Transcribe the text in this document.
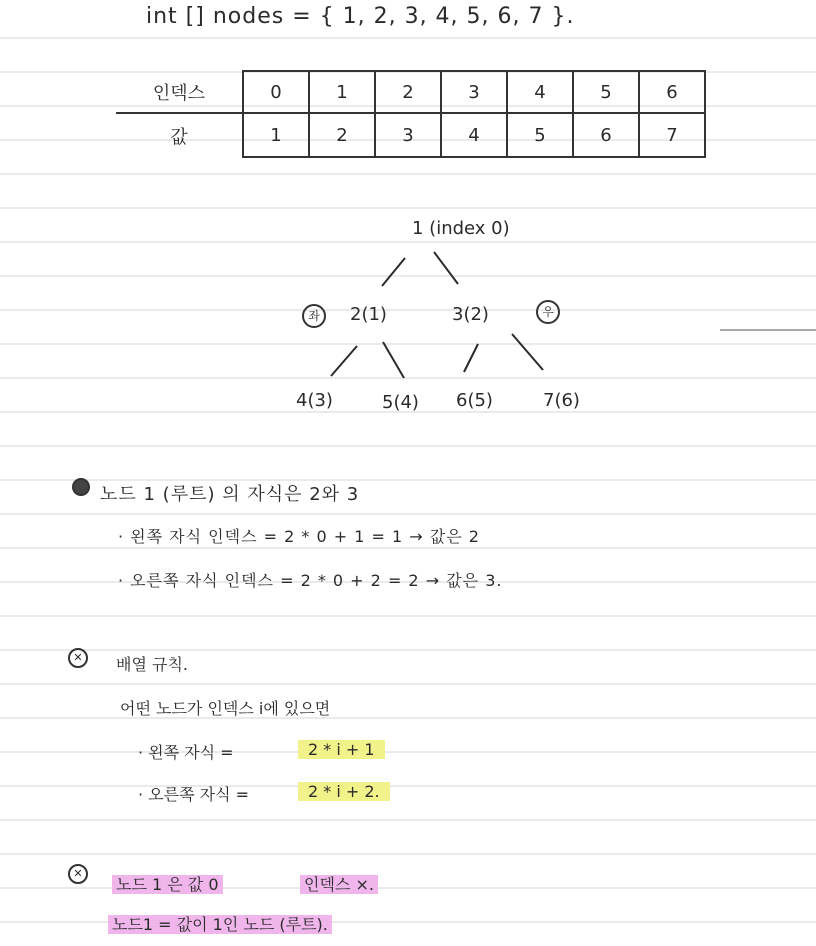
int [] nodes = { 1, 2, 3, 4, 5, 6, 7 }.
인덱스	0	1	2	3	4	5	6
값	1	2	3	4	5	6	7
1 (index 0)
좌	2(1)	3(2)	우
4(3)	5(4) 6(5)	7(6)
노드 1 (루트) 의 자식은 2와 3
· 왼쪽 자식 인덱스 = 2 * 0 + 1 = 1 → 값은 2
· 오른쪽 자식 인덱스 = 2 * 0 + 2 = 2 → 값은 3.
✕	배열 규칙.
어떤 노드가 인덱스 i에 있으면
· 왼쪽 자식 =	2 * i + 1
· 오른쪽 자식 =	2 * i + 2.
✕
노드 1 은 값 0	인덱스 ×.
노드1 = 값이 1인 노드 (루트).
